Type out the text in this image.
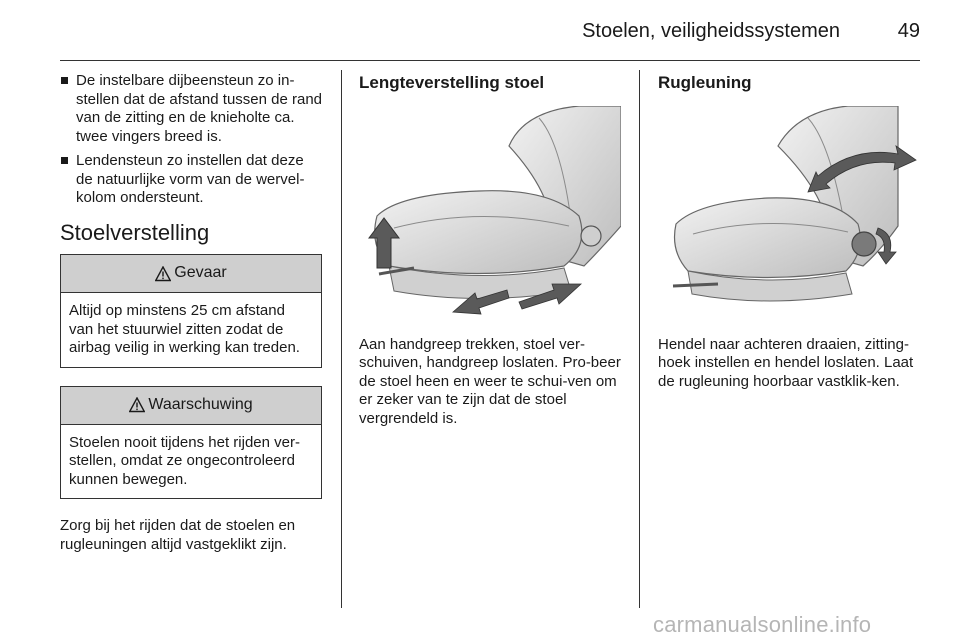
Stoelen, veiligheidssystemen	49
De instelbare dijbeensteun zo in-stellen dat de afstand tussen de rand van de zitting en de knieholte ca. twee vingers breed is.
Lendensteun zo instellen dat deze de natuurlijke vorm van de wervel-kolom ondersteunt.
Stoelverstelling
Gevaar
Altijd op minstens 25 cm afstand van het stuurwiel zitten zodat de airbag veilig in werking kan treden.
Waarschuwing
Stoelen nooit tijdens het rijden ver-stellen, omdat ze ongecontroleerd kunnen bewegen.
Zorg bij het rijden dat de stoelen en rugleuningen altijd vastgeklikt zijn.
Lengteverstelling stoel
Aan handgreep trekken, stoel ver-schuiven, handgreep loslaten. Pro-beer de stoel heen en weer te schui-ven om er zeker van te zijn dat de stoel vergrendeld is.
Rugleuning
Hendel naar achteren draaien, zitting-hoek instellen en hendel loslaten. Laat de rugleuning hoorbaar vastklik-ken.
carmanualsonline.info
